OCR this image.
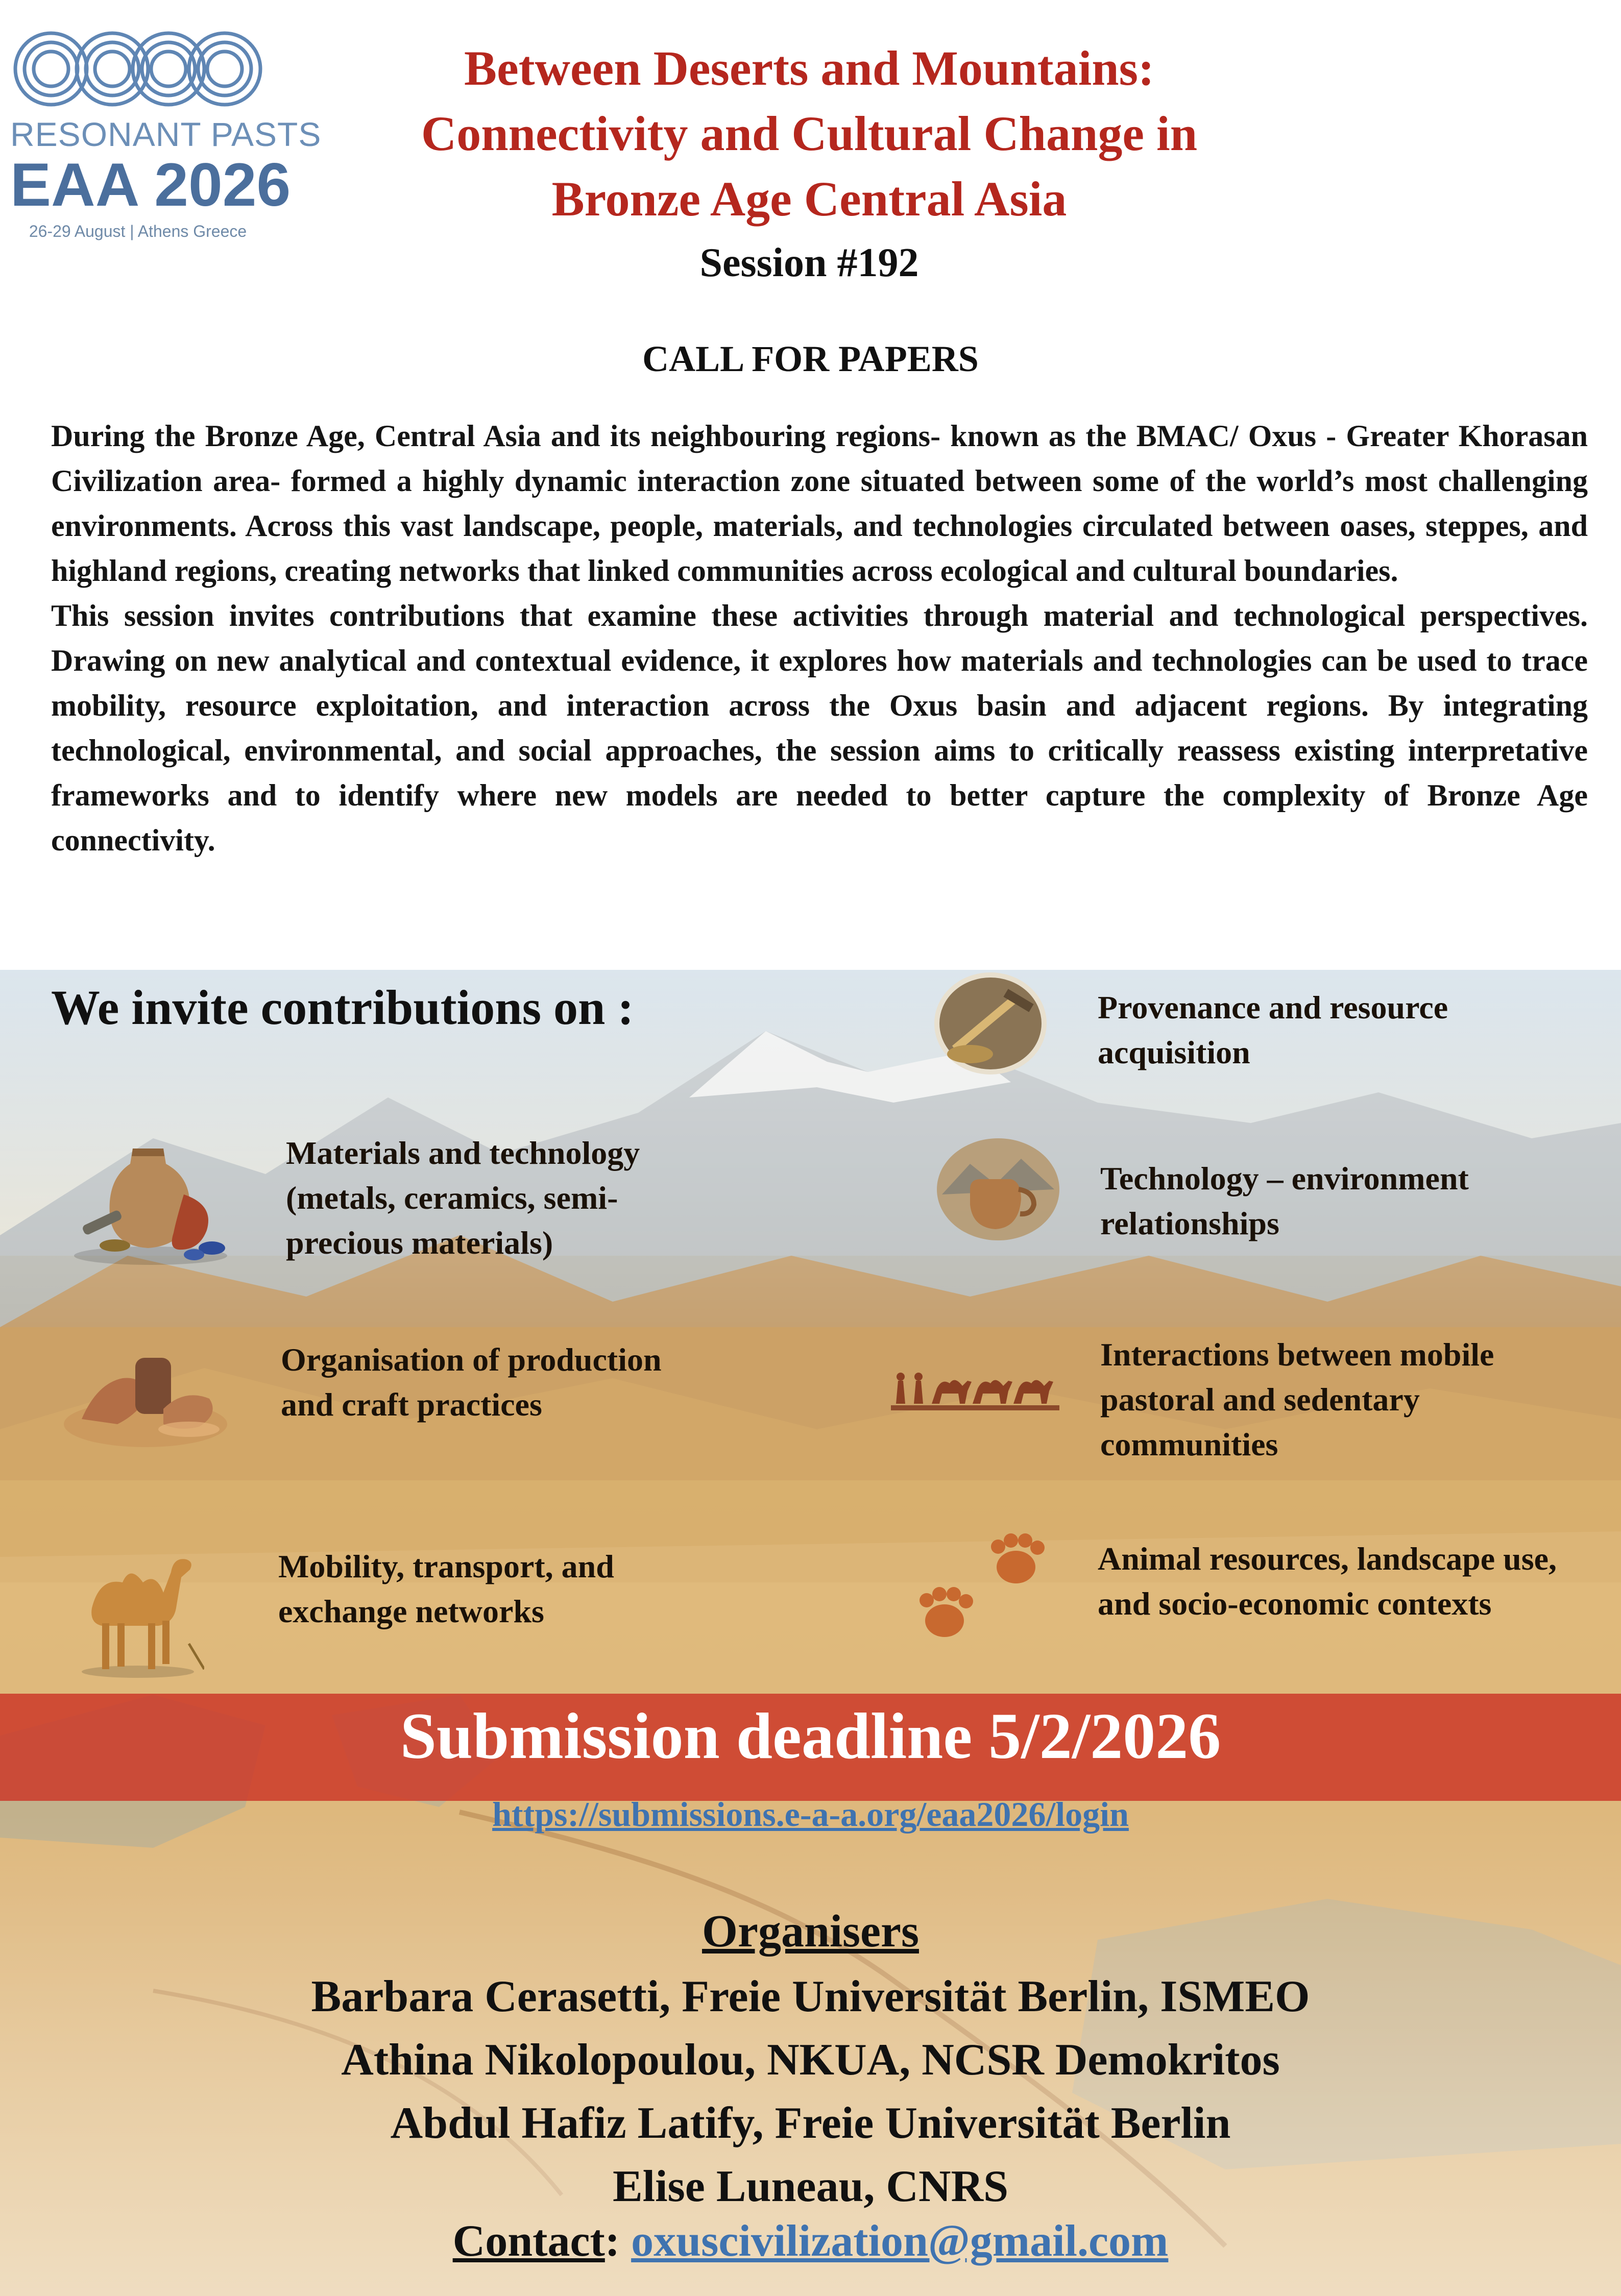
RESONANT PASTS
EAA 2026
26-29 August | Athens Greece
Between Deserts and Mountains:
Connectivity and Cultural Change in
Bronze Age Central Asia
Session #192
CALL FOR PAPERS

During the Bronze Age, Central Asia and its neighbouring regions- known as the BMAC/ Oxus - Greater Khorasan Civilization area- formed a highly dynamic interaction zone situated between some of the world’s most challenging environments. Across this vast landscape, people, materials, and technologies circulated between oases, steppes, and highland regions, creating networks that linked communities across ecological and cultural boundaries.

This session invites contributions that examine these activities through material and technological perspectives. Drawing on new analytical and contextual evidence, it explores how materials and technologies can be used to trace mobility, resource exploitation, and interaction across the Oxus basin and adjacent regions. By integrating technological, environmental, and social approaches, the session aims to critically reassess existing interpretative frameworks and to identify where new models are needed to better capture the complexity of Bronze Age connectivity.

We invite contributions on :
Materials and technology (metals, ceramics, semi-precious materials)
Organisation of production and craft practices
Mobility, transport, and exchange networks
Provenance and resource acquisition
Technology – environment relationships
Interactions between mobile pastoral and sedentary communities
Animal resources, landscape use, and socio-economic contexts
Submission deadline 5/2/2026
https://submissions.e-a-a.org/eaa2026/login
Organisers
Barbara Cerasetti, Freie Universität Berlin, ISMEO
Athina Nikolopoulou, NKUA, NCSR Demokritos
Abdul Hafiz Latify, Freie Universität Berlin
Elise Luneau, CNRS
Contact: oxuscivilization@gmail.com
